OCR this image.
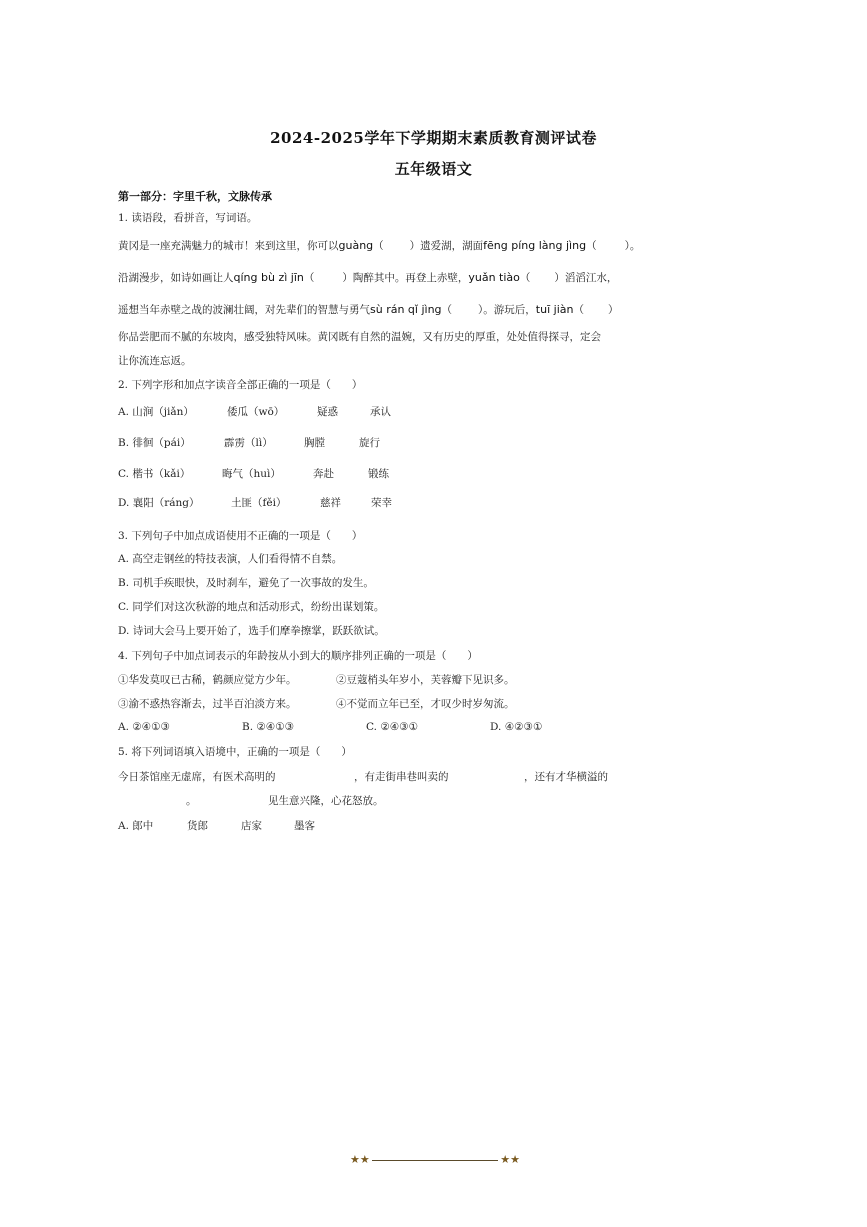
2024-2025学年下学期期末素质教育测评试卷
五年级语文
第一部分：字里千秋，文脉传承
1. 读语段，看拼音，写词语。
黄冈是一座充满魅力的城市！来到这里，你可以guàng（ ）遗爱湖，湖面fēng píng làng jìng（	）。
沿湖漫步，如诗如画让人qíng bù zì jīn（	）陶醉其中。再登上赤壁，yuǎn tiào（ ）滔滔江水，
遥想当年赤壁之战的波澜壮阔，对先辈们的智慧与勇气sù rán qǐ jìng（ ）。游玩后，tuī jiàn（ ）
你品尝肥而不腻的东坡肉，感受独特风味。黄冈既有自然的温婉，又有历史的厚重，处处值得探寻，定会
让你流连忘返。
2. 下列字形和加点字读音全部正确的一项是（　　）
A. 山涧（jiǎn）	倭瓜（wō）	疑惑	承认
B. 徘徊（pái）	霹雳（lì）	胸膛	旋行
C. 楷书（kǎi）	晦气（huì）	奔赴	锻练
D. 襄阳（ráng）	土匪（fěi）	慈祥	荣幸
3. 下列句子中加点成语使用不正确的一项是（　　）
A. 高空走钢丝的特技表演，人们看得情不自禁。
B. 司机手疾眼快，及时刹车，避免了一次事故的发生。
C. 同学们对这次秋游的地点和活动形式，纷纷出谋划策。
D. 诗词大会马上要开始了，选手们摩拳擦掌，跃跃欲试。
4. 下列句子中加点词表示的年龄按从小到大的顺序排列正确的一项是（　　）
①华发莫叹已古稀，鹤颜应觉方少年。	②豆蔻梢头年岁小，芙蓉瓣下见识多。
③渝不惑热容渐去，过半百泊淡方来。	④不觉而立年已至，才叹少时岁匆流。
A. ②④①③	B. ②④①③	C. ②④③①	D. ④②③①
5. 将下列词语填入语境中，正确的一项是（　　）
今日茶馆座无虚席，有医术高明的	，有走街串巷叫卖的	，还有才华横溢的
。	见生意兴隆，心花怒放。
A. 郎中	货郎	店家	墨客
★★	★★
